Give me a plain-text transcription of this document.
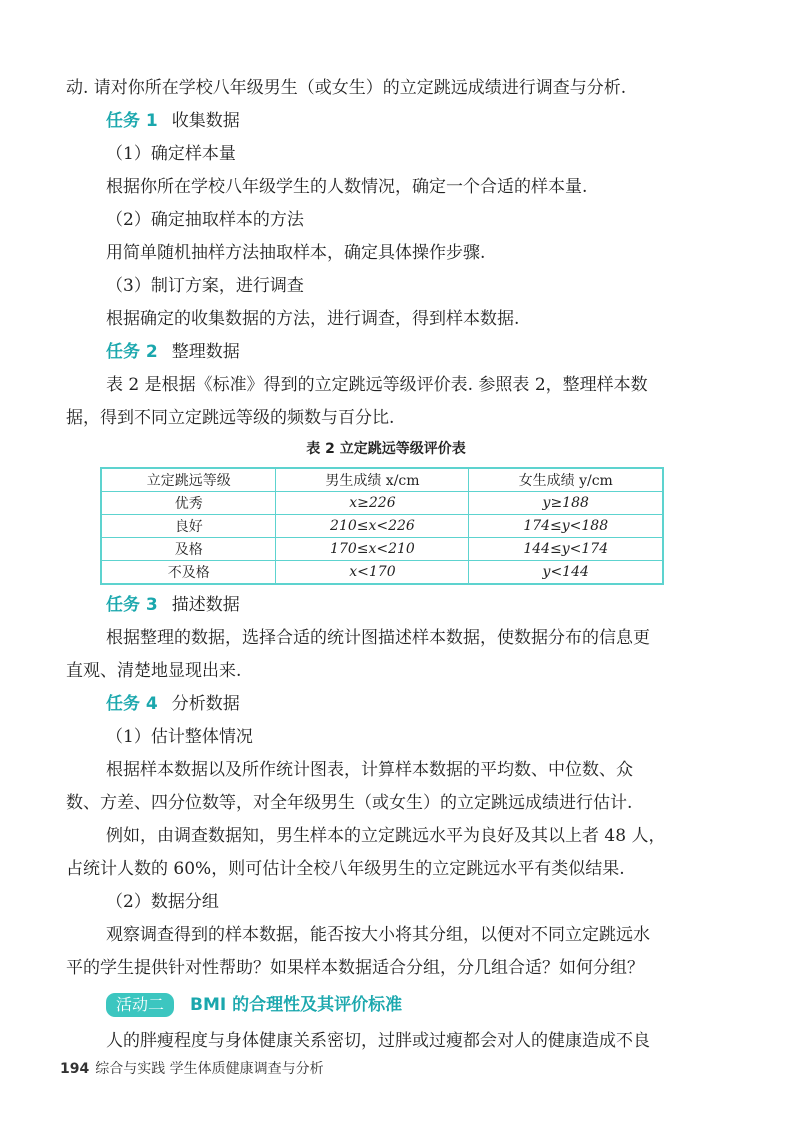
动. 请对你所在学校八年级男生（或女生）的立定跳远成绩进行调查与分析.

任务 1 收集数据

（1）确定样本量

根据你所在学校八年级学生的人数情况，确定一个合适的样本量.

（2）确定抽取样本的方法

用简单随机抽样方法抽取样本，确定具体操作步骤.

（3）制订方案，进行调查

根据确定的收集数据的方法，进行调查，得到样本数据.

任务 2 整理数据

表 2 是根据《标准》得到的立定跳远等级评价表. 参照表 2，整理样本数

据，得到不同立定跳远等级的频数与百分比.

表 2 立定跳远等级评价表

立定跳远等级	男生成绩 x/cm	女生成绩 y/cm
优秀	x≥226	y≥188
良好	210≤x<226	174≤y<188
及格	170≤x<210	144≤y<174
不及格	x<170	y<144

任务 3 描述数据

根据整理的数据，选择合适的统计图描述样本数据，使数据分布的信息更

直观、清楚地显现出来.

任务 4 分析数据

（1）估计整体情况

根据样本数据以及所作统计图表，计算样本数据的平均数、中位数、众

数、方差、四分位数等，对全年级男生（或女生）的立定跳远成绩进行估计.

例如，由调查数据知，男生样本的立定跳远水平为良好及其以上者 48 人，

占统计人数的 60%，则可估计全校八年级男生的立定跳远水平有类似结果.

（2）数据分组

观察调查得到的样本数据，能否按大小将其分组，以便对不同立定跳远水

平的学生提供针对性帮助？如果样本数据适合分组，分几组合适？如何分组？

活动二 BMI 的合理性及其评价标准

人的胖瘦程度与身体健康关系密切，过胖或过瘦都会对人的健康造成不良

194 综合与实践 学生体质健康调查与分析
